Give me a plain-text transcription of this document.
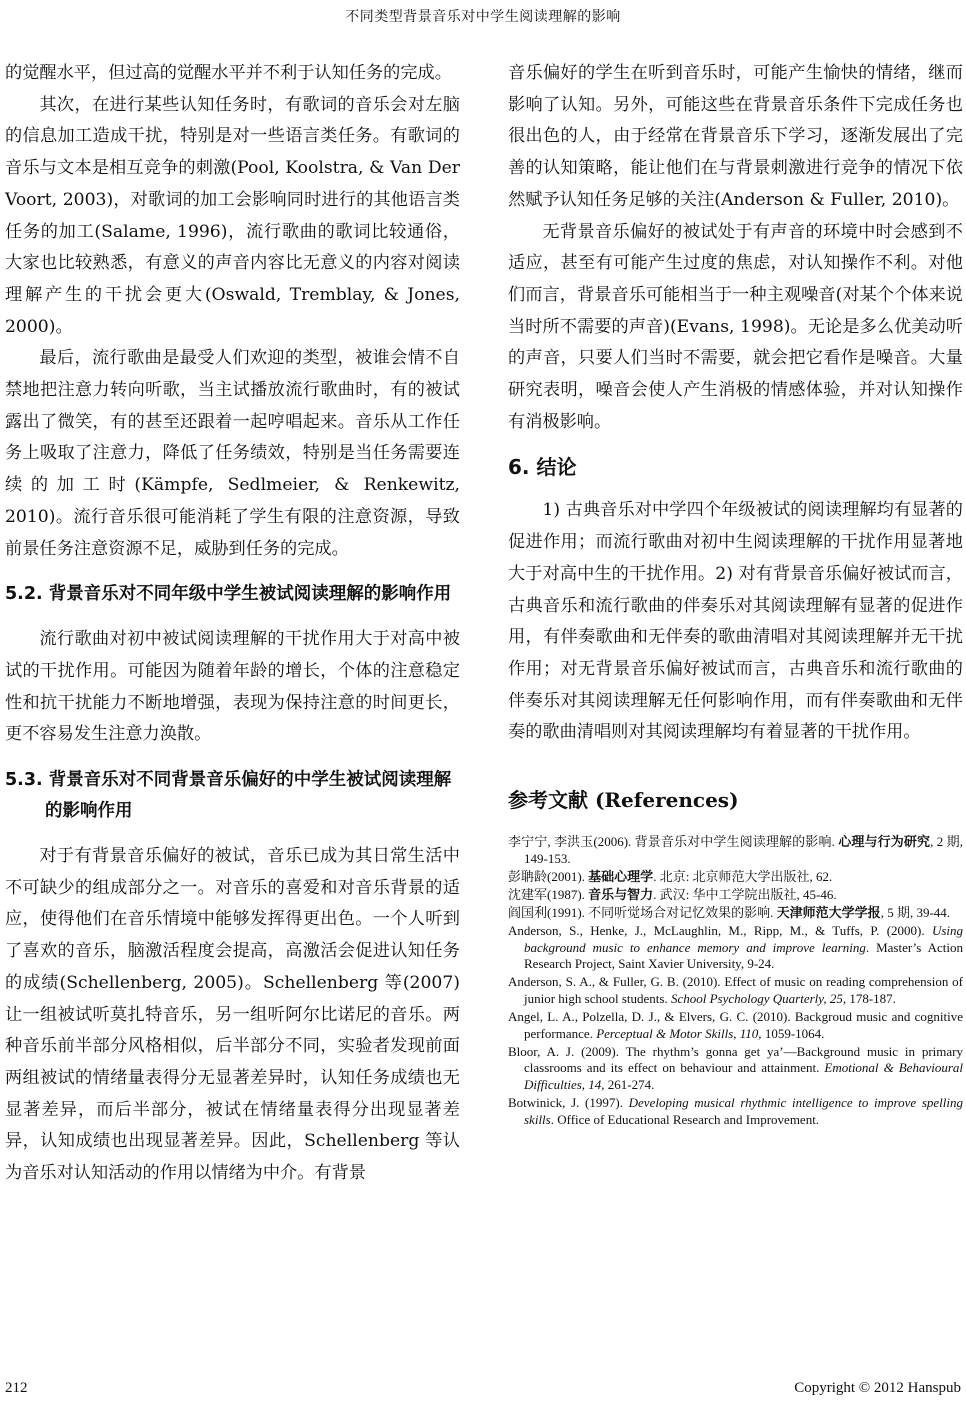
不同类型背景音乐对中学生阅读理解的影响

的觉醒水平，但过高的觉醒水平并不利于认知任务的完成。

其次，在进行某些认知任务时，有歌词的音乐会对左脑的信息加工造成干扰，特别是对一些语言类任务。有歌词的音乐与文本是相互竞争的刺激(Pool, Koolstra, & Van Der Voort, 2003)，对歌词的加工会影响同时进行的其他语言类任务的加工(Salame, 1996)，流行歌曲的歌词比较通俗，大家也比较熟悉，有意义的声音内容比无意义的内容对阅读理解产生的干扰会更大(Oswald, Tremblay, & Jones, 2000)。

最后，流行歌曲是最受人们欢迎的类型，被谁会情不自禁地把注意力转向听歌，当主试播放流行歌曲时，有的被试露出了微笑，有的甚至还跟着一起哼唱起来。音乐从工作任务上吸取了注意力，降低了任务绩效，特别是当任务需要连续的加工时(Kämpfe, Sedlmeier, & Renkewitz, 2010)。流行音乐很可能消耗了学生有限的注意资源，导致前景任务注意资源不足，威胁到任务的完成。

5.2. 背景音乐对不同年级中学生被试阅读理解的影响作用

流行歌曲对初中被试阅读理解的干扰作用大于对高中被试的干扰作用。可能因为随着年龄的增长，个体的注意稳定性和抗干扰能力不断地增强，表现为保持注意的时间更长，更不容易发生注意力涣散。

5.3. 背景音乐对不同背景音乐偏好的中学生被试阅读理解的影响作用

对于有背景音乐偏好的被试，音乐已成为其日常生活中不可缺少的组成部分之一。对音乐的喜爱和对音乐背景的适应，使得他们在音乐情境中能够发挥得更出色。一个人听到了喜欢的音乐，脑激活程度会提高，高激活会促进认知任务的成绩(Schellenberg, 2005)。Schellenberg 等(2007)让一组被试听莫扎特音乐，另一组听阿尔比诺尼的音乐。两种音乐前半部分风格相似，后半部分不同，实验者发现前面两组被试的情绪量表得分无显著差异时，认知任务成绩也无显著差异，而后半部分，被试在情绪量表得分出现显著差异，认知成绩也出现显著差异。因此，Schellenberg 等认为音乐对认知活动的作用以情绪为中介。有背景

音乐偏好的学生在听到音乐时，可能产生愉快的情绪，继而影响了认知。另外，可能这些在背景音乐条件下完成任务也很出色的人，由于经常在背景音乐下学习，逐渐发展出了完善的认知策略，能让他们在与背景刺激进行竞争的情况下依然赋予认知任务足够的关注(Anderson & Fuller, 2010)。

无背景音乐偏好的被试处于有声音的环境中时会感到不适应，甚至有可能产生过度的焦虑，对认知操作不利。对他们而言，背景音乐可能相当于一种主观噪音(对某个个体来说当时所不需要的声音)(Evans, 1998)。无论是多么优美动听的声音，只要人们当时不需要，就会把它看作是噪音。大量研究表明，噪音会使人产生消极的情感体验，并对认知操作有消极影响。

6. 结论

1) 古典音乐对中学四个年级被试的阅读理解均有显著的促进作用；而流行歌曲对初中生阅读理解的干扰作用显著地大于对高中生的干扰作用。2) 对有背景音乐偏好被试而言，古典音乐和流行歌曲的伴奏乐对其阅读理解有显著的促进作用，有伴奏歌曲和无伴奏的歌曲清唱对其阅读理解并无干扰作用；对无背景音乐偏好被试而言，古典音乐和流行歌曲的伴奏乐对其阅读理解无任何影响作用，而有伴奏歌曲和无伴奏的歌曲清唱则对其阅读理解均有着显著的干扰作用。

参考文献 (References)
李宁宁, 李洪玉(2006). 背景音乐对中学生阅读理解的影响. 心理与行为研究, 2 期, 149-153.
彭聃龄(2001). 基础心理学. 北京: 北京师范大学出版社, 62.
沈建军(1987). 音乐与智力. 武汉: 华中工学院出版社, 45-46.
阎国利(1991). 不同听觉场合对记忆效果的影响. 天津师范大学学报, 5 期, 39-44.
Anderson, S., Henke, J., McLaughlin, M., Ripp, M., & Tuffs, P. (2000). Using background music to enhance memory and improve learning. Master’s Action Research Project, Saint Xavier University, 9-24.
Anderson, S. A., & Fuller, G. B. (2010). Effect of music on reading comprehension of junior high school students. School Psychology Quarterly, 25, 178-187.
Angel, L. A., Polzella, D. J., & Elvers, G. C. (2010). Backgroud music and cognitive performance. Perceptual & Motor Skills, 110, 1059-1064.
Bloor, A. J. (2009). The rhythm’s gonna get ya’—Background music in primary classrooms and its effect on behaviour and attainment. Emotional & Behavioural Difficulties, 14, 261-274.
Botwinick, J. (1997). Developing musical rhythmic intelligence to improve spelling skills. Office of Educational Research and Improvement.
212	Copyright © 2012 Hanspub
